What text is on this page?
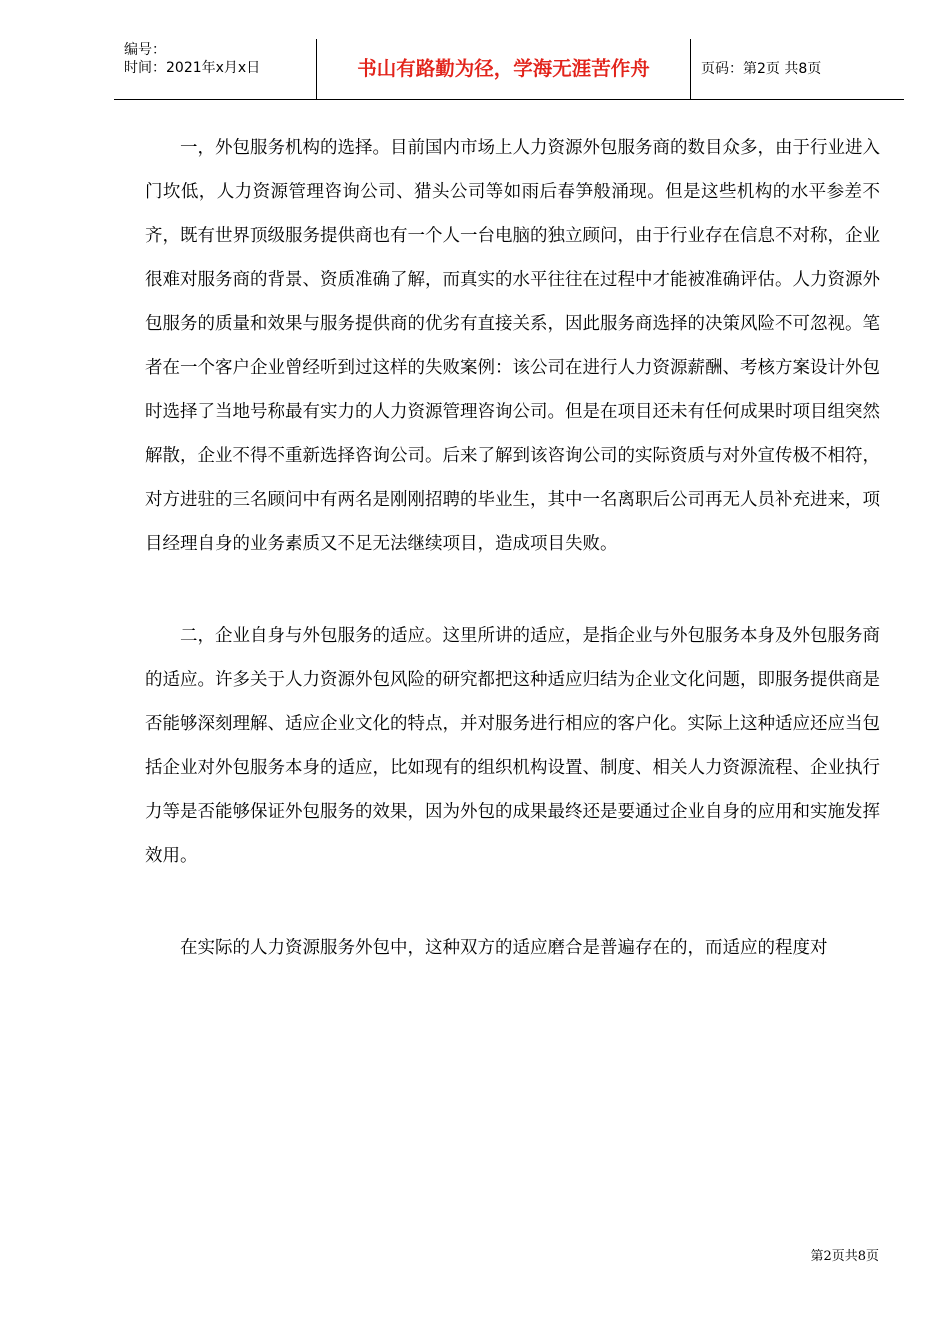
编号：
时间：2021年x月x日	书山有路勤为径，学海无涯苦作舟	页码：第2页 共8页

一，外包服务机构的选择。目前国内市场上人力资源外包服务商的数目众多，由于行业进入门坎低，人力资源管理咨询公司、猎头公司等如雨后春笋般涌现。但是这些机构的水平参差不齐，既有世界顶级服务提供商也有一个人一台电脑的独立顾问，由于行业存在信息不对称，企业很难对服务商的背景、资质准确了解，而真实的水平往往在过程中才能被准确评估。人力资源外包服务的质量和效果与服务提供商的优劣有直接关系，因此服务商选择的决策风险不可忽视。笔者在一个客户企业曾经听到过这样的失败案例：该公司在进行人力资源薪酬、考核方案设计外包时选择了当地号称最有实力的人力资源管理咨询公司。但是在项目还未有任何成果时项目组突然解散，企业不得不重新选择咨询公司。后来了解到该咨询公司的实际资质与对外宣传极不相符，对方进驻的三名顾问中有两名是刚刚招聘的毕业生，其中一名离职后公司再无人员补充进来，项目经理自身的业务素质又不足无法继续项目，造成项目失败。

二，企业自身与外包服务的适应。这里所讲的适应，是指企业与外包服务本身及外包服务商的适应。许多关于人力资源外包风险的研究都把这种适应归结为企业文化问题，即服务提供商是否能够深刻理解、适应企业文化的特点，并对服务进行相应的客户化。实际上这种适应还应当包括企业对外包服务本身的适应，比如现有的组织机构设置、制度、相关人力资源流程、企业执行力等是否能够保证外包服务的效果，因为外包的成果最终还是要通过企业自身的应用和实施发挥效用。

在实际的人力资源服务外包中，这种双方的适应磨合是普遍存在的，而适应的程度对

第2页共8页
